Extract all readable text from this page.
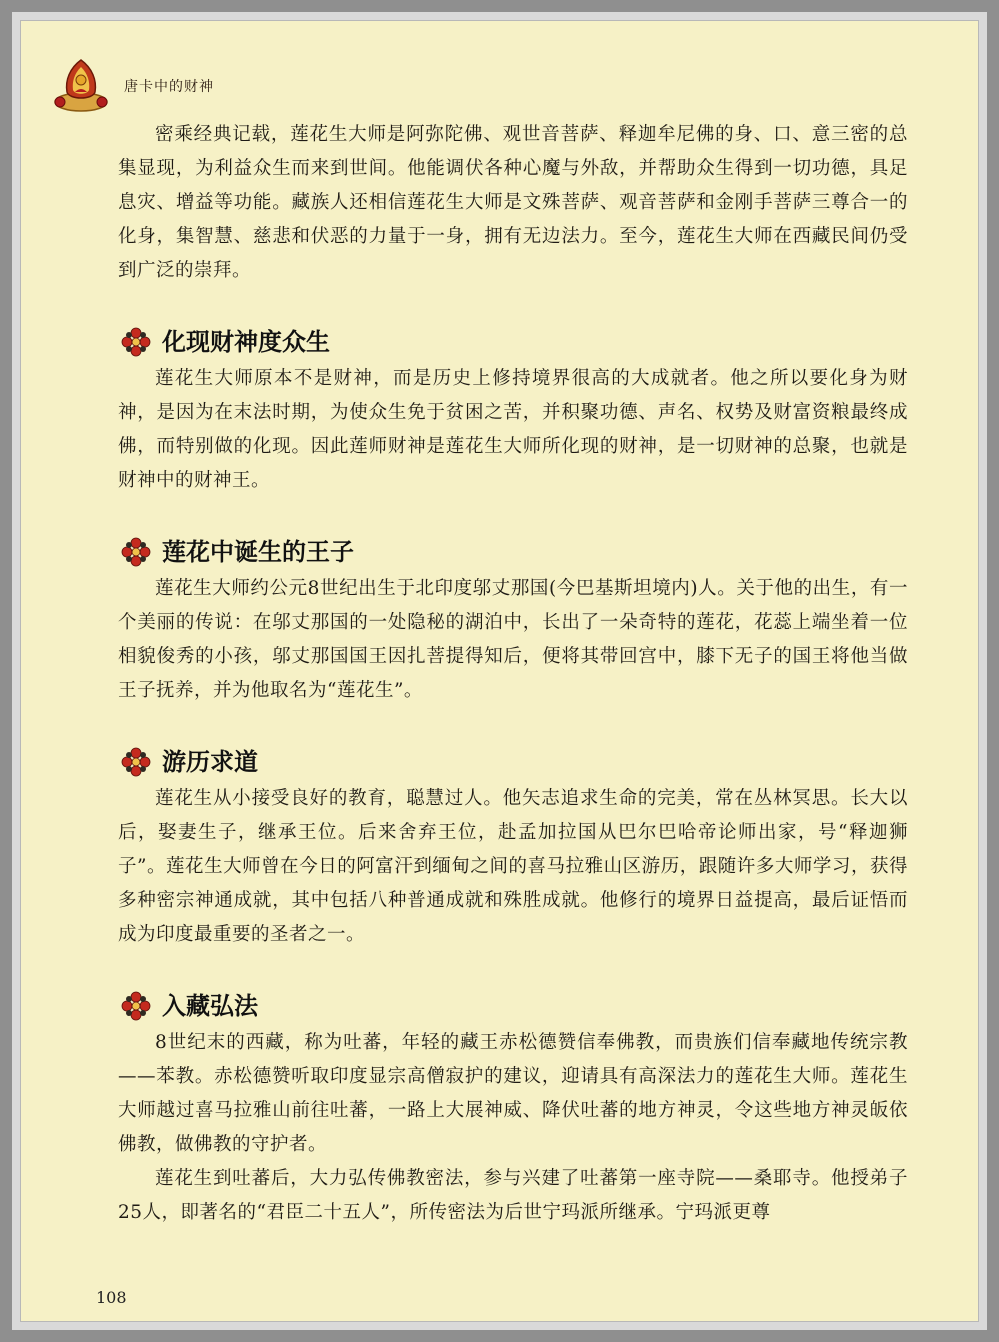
唐卡中的财神

密乘经典记载，莲花生大师是阿弥陀佛、观世音菩萨、释迦牟尼佛的身、口、意三密的总集显现，为利益众生而来到世间。他能调伏各种心魔与外敌，并帮助众生得到一切功德，具足息灾、增益等功能。藏族人还相信莲花生大师是文殊菩萨、观音菩萨和金刚手菩萨三尊合一的化身，集智慧、慈悲和伏恶的力量于一身，拥有无边法力。至今，莲花生大师在西藏民间仍受到广泛的崇拜。

化现财神度众生

莲花生大师原本不是财神，而是历史上修持境界很高的大成就者。他之所以要化身为财神，是因为在末法时期，为使众生免于贫困之苦，并积聚功德、声名、权势及财富资粮最终成佛，而特别做的化现。因此莲师财神是莲花生大师所化现的财神，是一切财神的总聚，也就是财神中的财神王。

莲花中诞生的王子

莲花生大师约公元8世纪出生于北印度邬丈那国(今巴基斯坦境内)人。关于他的出生，有一个美丽的传说：在邬丈那国的一处隐秘的湖泊中，长出了一朵奇特的莲花，花蕊上端坐着一位相貌俊秀的小孩，邬丈那国国王因扎菩提得知后，便将其带回宫中，膝下无子的国王将他当做王子抚养，并为他取名为“莲花生”。

游历求道

莲花生从小接受良好的教育，聪慧过人。他矢志追求生命的完美，常在丛林冥思。长大以后，娶妻生子，继承王位。后来舍弃王位，赴孟加拉国从巴尔巴哈帝论师出家，号“释迦狮子”。莲花生大师曾在今日的阿富汗到缅甸之间的喜马拉雅山区游历，跟随许多大师学习，获得多种密宗神通成就，其中包括八种普通成就和殊胜成就。他修行的境界日益提高，最后证悟而成为印度最重要的圣者之一。

入藏弘法

8世纪末的西藏，称为吐蕃，年轻的藏王赤松德赞信奉佛教，而贵族们信奉藏地传统宗教——苯教。赤松德赞听取印度显宗高僧寂护的建议，迎请具有高深法力的莲花生大师。莲花生大师越过喜马拉雅山前往吐蕃，一路上大展神威、降伏吐蕃的地方神灵，令这些地方神灵皈依佛教，做佛教的守护者。

莲花生到吐蕃后，大力弘传佛教密法，参与兴建了吐蕃第一座寺院——桑耶寺。他授弟子25人，即著名的“君臣二十五人”，所传密法为后世宁玛派所继承。宁玛派更尊

108
